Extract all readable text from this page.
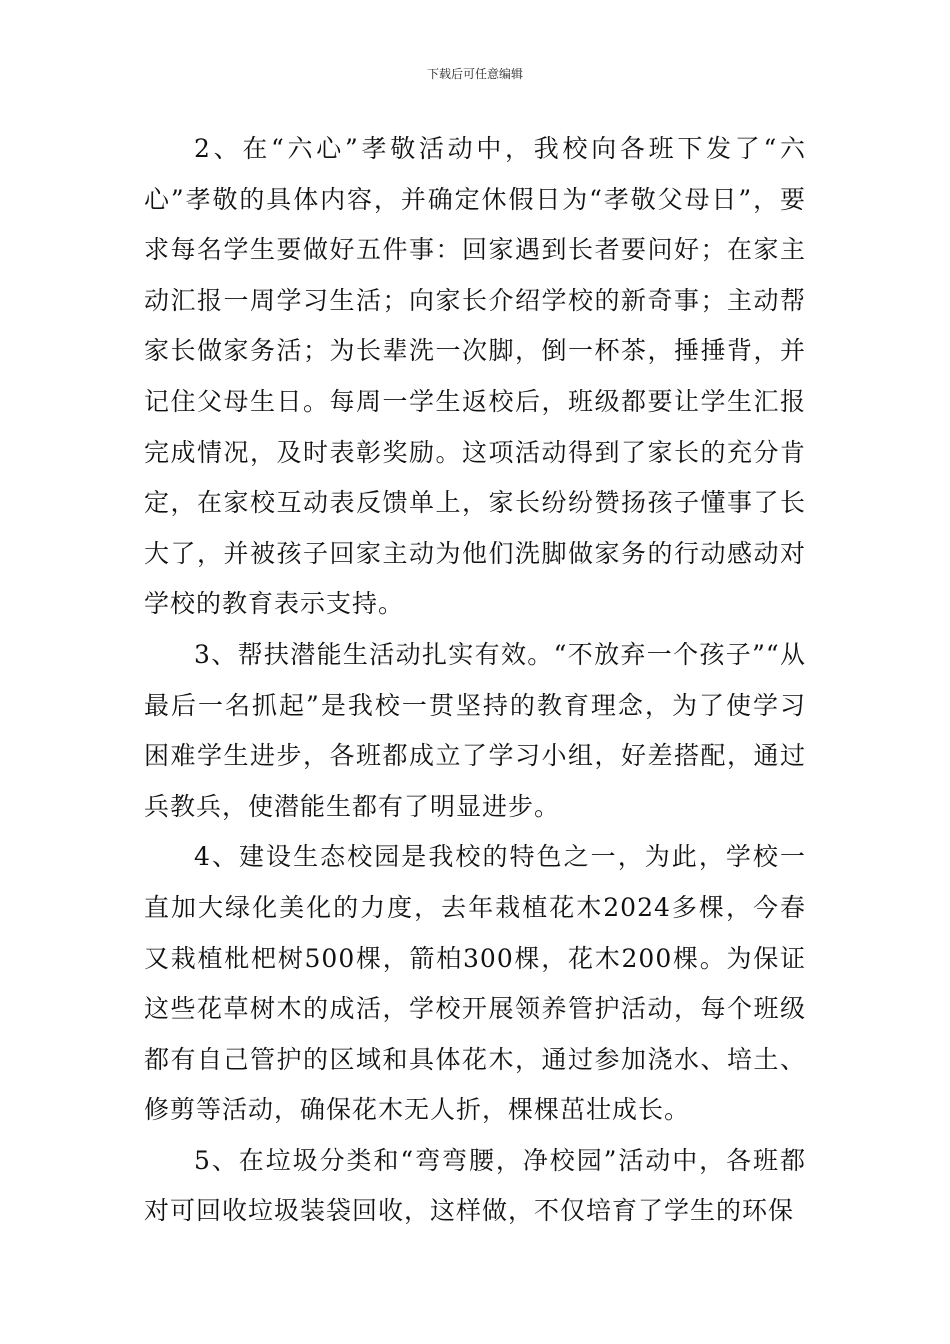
下载后可任意编辑

2、在“六心”孝敬活动中，我校向各班下发了“六心”孝敬的具体内容，并确定休假日为“孝敬父母日”，要求每名学生要做好五件事：回家遇到长者要问好；在家主动汇报一周学习生活；向家长介绍学校的新奇事；主动帮家长做家务活；为长辈洗一次脚，倒一杯茶，捶捶背，并记住父母生日。每周一学生返校后，班级都要让学生汇报完成情况，及时表彰奖励。这项活动得到了家长的充分肯定，在家校互动表反馈单上，家长纷纷赞扬孩子懂事了长大了，并被孩子回家主动为他们洗脚做家务的行动感动对学校的教育表示支持。

3、帮扶潜能生活动扎实有效。“不放弃一个孩子”“从最后一名抓起”是我校一贯坚持的教育理念，为了使学习困难学生进步，各班都成立了学习小组，好差搭配，通过兵教兵，使潜能生都有了明显进步。

4、建设生态校园是我校的特色之一，为此，学校一直加大绿化美化的力度，去年栽植花木2024多棵，今春又栽植枇杷树500棵，箭柏300棵，花木200棵。为保证这些花草树木的成活，学校开展领养管护活动，每个班级都有自己管护的区域和具体花木，通过参加浇水、培土、修剪等活动，确保花木无人折，棵棵茁壮成长。

5、在垃圾分类和“弯弯腰，净校园”活动中，各班都对可回收垃圾装袋回收，这样做，不仅培育了学生的环保
